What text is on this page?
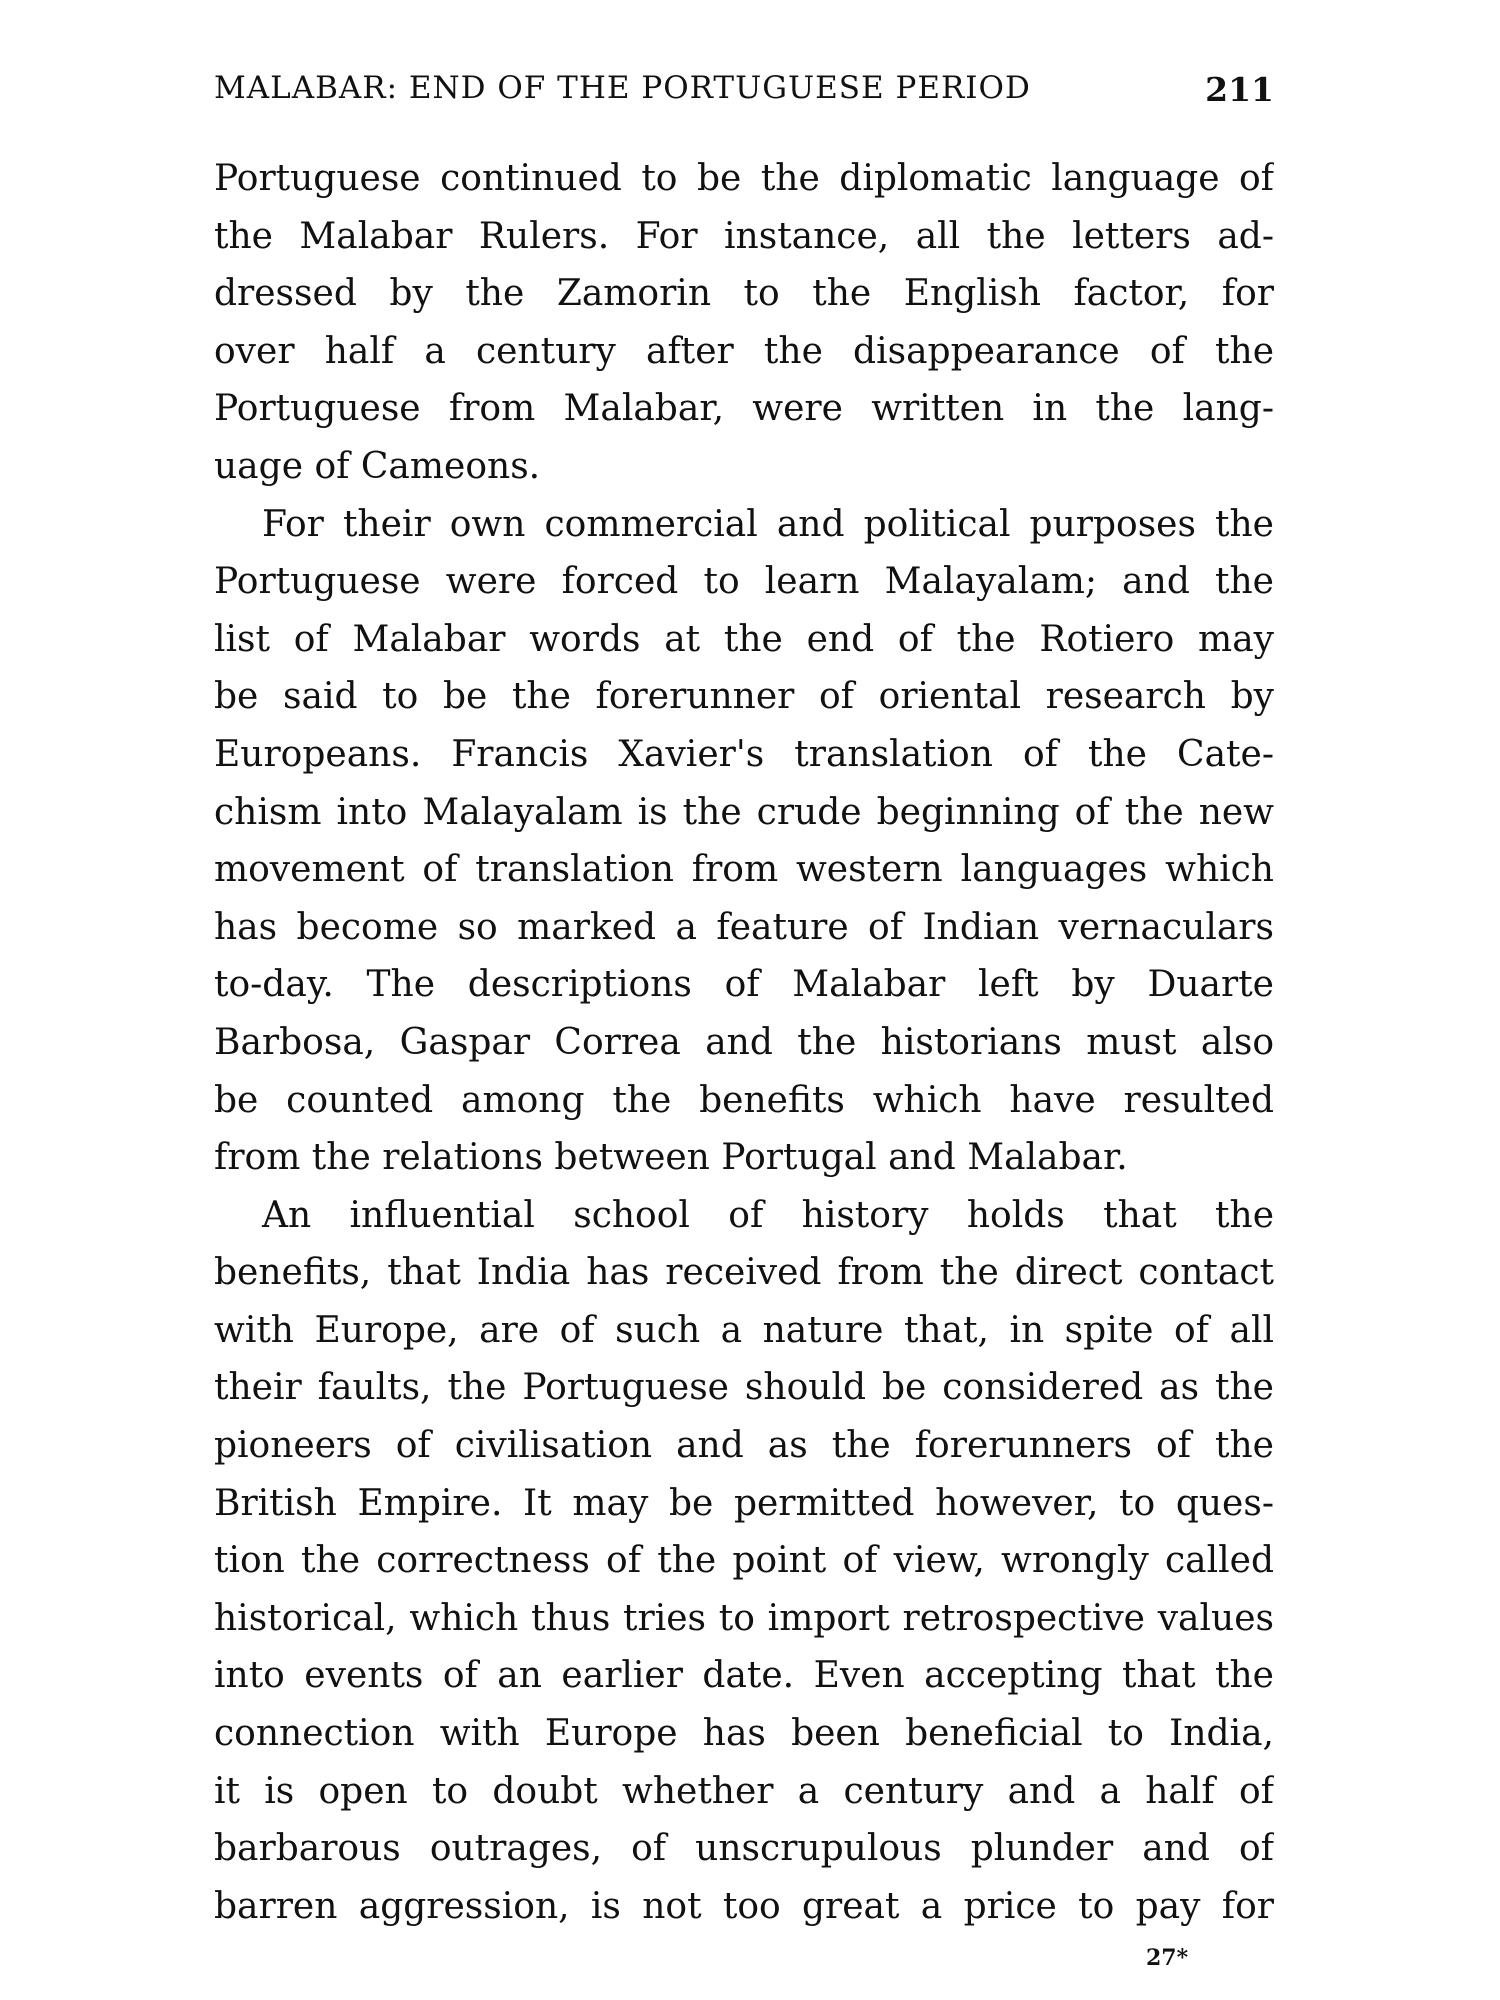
MALABAR: END OF THE PORTUGUESE PERIOD	211
Portuguese continued to be the diplomatic language of
the Malabar Rulers. For instance, all the letters ad-
dressed by the Zamorin to the English factor, for
over half a century after the disappearance of the
Portuguese from Malabar, were written in the lang-
uage of Cameons.
For their own commercial and political purposes the
Portuguese were forced to learn Malayalam; and the
list of Malabar words at the end of the Rotiero may
be said to be the forerunner of oriental research by
Europeans. Francis Xavier's translation of the Cate-
chism into Malayalam is the crude beginning of the new
movement of translation from western languages which
has become so marked a feature of Indian vernaculars
to-day. The descriptions of Malabar left by Duarte
Barbosa, Gaspar Correa and the historians must also
be counted among the benefits which have resulted
from the relations between Portugal and Malabar.
An influential school of history holds that the
benefits, that India has received from the direct contact
with Europe, are of such a nature that, in spite of all
their faults, the Portuguese should be considered as the
pioneers of civilisation and as the forerunners of the
British Empire. It may be permitted however, to ques-
tion the correctness of the point of view, wrongly called
historical, which thus tries to import retrospective values
into events of an earlier date. Even accepting that the
connection with Europe has been beneficial to India,
it is open to doubt whether a century and a half of
barbarous outrages, of unscrupulous plunder and of
barren aggression, is not too great a price to pay for
27*
